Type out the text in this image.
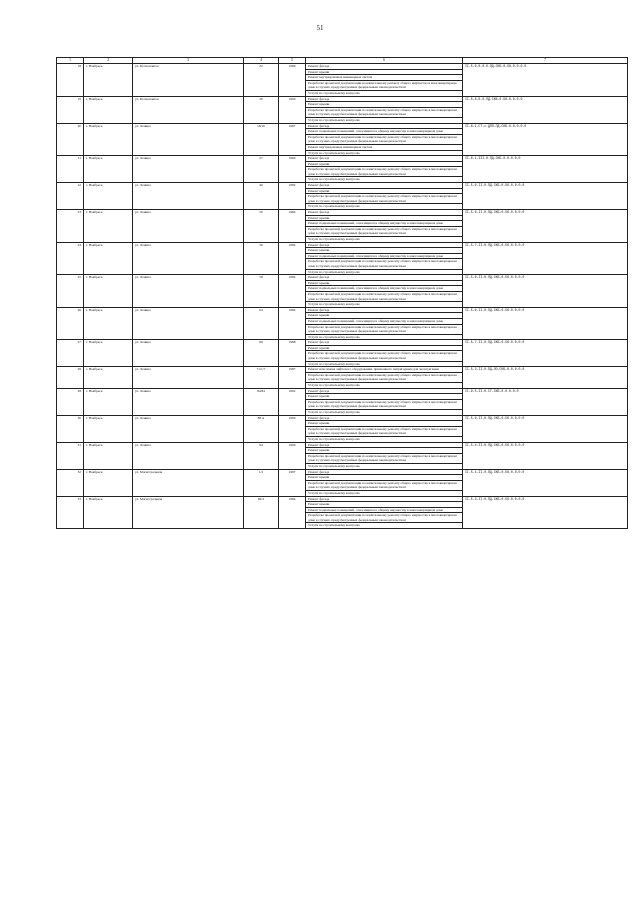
51
1	2	3	4	5	6	7
18	г. Ноябрьск	ул. Космонавтов	22	1989	Ремонт фасада	II-5-6-0-0-0-ПД-СКБ-0-56-0-0-0-0
					Ремонт крыши	
					Ремонт внутридомовых инженерных систем	
					Разработка проектной документации на капитальному ремонту общего имущества в многоквартирном доме в случаях, предусмотренных федеральным законодательством	
					Услуги по строительному контролю	
19	г. Ноябрьск	ул. Космонавтов	26	1990	Ремонт фасада	II-5-8-0-0-ПД-СКБ-0-58-0-0-0-0
					Ремонт крыши	
					Разработка проектной документации по капитальному ремонту общего имущества в многоквартирном доме в случаях, предусмотренных федеральным законодательством	
					Услуги по строительному контролю	
20	г. Ноябрьск	ул. Ленина	18/16	1987	Ремонт фасада	II-8-1-СТ-с-ДПП-ПД-СКБ-0-0-0-0-0
					Ремонт подвальных помещений, относящихся к общему имуществу в многоквартирном доме	
					Разработка проектной документации по капитальному ремонту общего имущества в многоквартирном доме в случаях, предусмотренных федеральным законодательством	
					Ремонт внутридомовых инженерных систем	
					Услуги по строительному контролю	
21	г. Ноябрьск	ул. Ленина	27	1990	Ремонт фасада	II-6-1-III-0-ПД-СКБ-0-0-0-0-0
					Ремонт крыши	
					Разработка проектной документации по капитальному ремонту общего имущества в многоквартирном доме в случаях, предусмотренных федеральным законодательством	
					Услуги по строительному контролю	
22	г. Ноябрьск	ул. Ленина	40	1982	Ремонт фасада	II-5-6-II-0-ПД-СКБ-0-56-0-0-0-0
					Ремонт крыши	
					Разработка проектной документации по капитальному ремонту общего имущества в многоквартирном доме в случаях, предусмотренных федеральным законодательством	
					Услуги по строительному контролю	
23	г. Ноябрьск	ул. Ленина	50	1984	Ремонт фасада	II-5-6-II-0-ПД-СКБ-0-56-0-0-0-0
					Ремонт крыши	
					Ремонт подвальных помещений, относящихся к общему имуществу в многоквартирном доме	
					Разработка проектной документации по капитальному ремонту общего имущества в многоквартирном доме в случаях, предусмотренных федеральным законодательством	
					Услуги по строительному контролю	
24	г. Ноябрьск	ул. Ленина	56	1984	Ремонт фасада	II-5-7-II-0-ПД-СКБ-0-56-0-0-0-0
					Ремонт крыши	
					Ремонт подвальных помещений, относящихся к общему имуществу в многоквартирном доме	
					Разработка проектной документации по капитальному ремонту общего имущества в многоквартирном доме в случаях, предусмотренных федеральным законодательством	
					Услуги по строительному контролю	
25	г. Ноябрьск	ул. Ленина	58	1984	Ремонт фасада	II-5-6-II-0-ПД-СКБ-0-56-0-0-0-0
					Ремонт крыши	
					Ремонт подвальных помещений, относящихся к общему имуществу в многоквартирном доме	
					Разработка проектной документации по капитальному ремонту общего имущества в многоквартирном доме в случаях, предусмотренных федеральным законодательством	
					Услуги по строительному контролю	
26	г. Ноябрьск	ул. Ленина	64	1984	Ремонт фасада	II-5-6-II-0-ПД-СКБ-0-56-0-0-0-0
					Ремонт крыши	
					Ремонт подвальных помещений, относящихся к общему имуществу в многоквартирном доме	
					Разработка проектной документации по капитальному ремонту общего имущества в многоквартирном доме в случаях, предусмотренных федеральным законодательством	
					Услуги по строительному контролю	
27	г. Ноябрьск	ул. Ленина	68	1988	Ремонт фасада	II-5-7-II-0-ПД-СКБ-0-56-0-0-0-0
					Ремонт крыши	
					Разработка проектной документации по капитальному ремонту общего имущества в многоквартирном доме в случаях, предусмотренных федеральным законодательством	
					Услуги по строительному контролю	
28	г. Ноябрьск	ул. Ленина	71/1/7	1987	Ремонт или замена лифтового оборудования, признанного непригодным для эксплуатации	II-5-3-II-0-ПД-ЛО-СКБ-0-0-0-0-0
					Разработка проектной документации по капитальному ремонту общего имущества в многоквартирном доме в случаях, предусмотренных федеральным законодательством	
					Услуги по строительному контролю	
29	г. Ноябрьск	ул. Ленина	84/84	1992	Ремонт фасада	II-9-5-II-0-СТ-СКБ-0-0-0-0-0
					Ремонт крыши	
					Разработка проектной документации по капитальному ремонту общего имущества в многоквартирном доме в случаях, предусмотренных федеральным законодательством	
					Услуги по строительному контролю	
30	г. Ноябрьск	ул. Ленина	88 А	1990	Ремонт фасада	II-5-6-II-0-ПД-СКБ-0-56-0-0-0-0
					Ремонт крыши	
					Разработка проектной документации по капитальному ремонту общего имущества в многоквартирном доме в случаях, предусмотренных федеральным законодательством	
					Услуги по строительному контролю	
31	г. Ноябрьск	ул. Ленина	94	1990	Ремонт фасада	II-5-4-II-0-ПД-СКБ-0-56-0-0-0-0
					Ремонт крыши	
					Разработка проектной документации по капитальному ремонту общего имущества в многоквартирном доме в случаях, предусмотренных федеральным законодательством	
					Услуги по строительному контролю	
32	г. Ноябрьск	ул. Магистральная	1/2	1987	Ремонт фасада	II-5-4-II-0-ПД-СКБ-0-56-0-0-0-0
					Ремонт крыши	
					Разработка проектной документации по капитальному ремонту общего имущества в многоквартирном доме в случаях, предусмотренных федеральным законодательством	
					Услуги по строительному контролю	
33	г. Ноябрьск	ул. Магистральная	69/2	1984	Ремонт фасада	II-5-3-II-0-ПД-СКБ-0-56-0-0-0-0
					Ремонт крыши	
					Ремонт подвальных помещений, относящихся к общему имуществу в многоквартирном доме	
					Разработка проектной документации по капитальному ремонту общего имущества в многоквартирном доме в случаях, предусмотренных федеральным законодательством	
					Услуги по строительному контролю	
